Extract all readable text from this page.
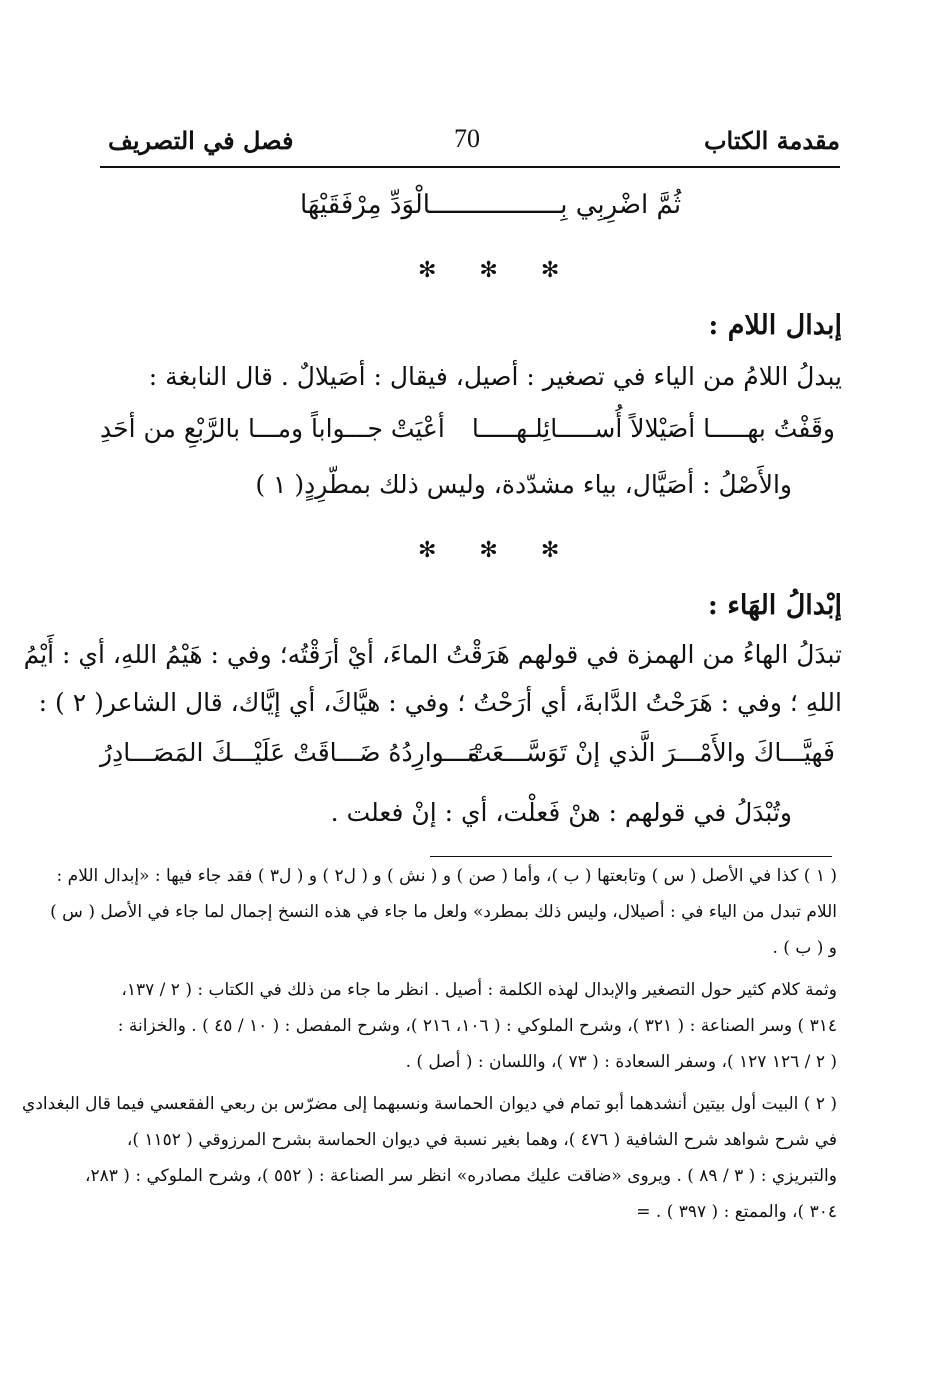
مقدمة الكتاب
70
فصل في التصريف
ثُمَّ اضْرِبِي بِـــــــــــــــــالْوَدِّ مِرْفَقَيْهَا
✻ ✻ ✻
إبدال اللام :
يبدلُ اللامُ من الياء في تصغير : أصيل، فيقال : أصَيلالٌ . قال النابغة :
وقَفْتُ بهـــــا أصَيْلالاً أُســـــائِلـهـــــا
أعْيَتْ جـــواباً ومـــا بالرَّبْعِ من أحَدِ
والأَصْلُ : أصَيَّال، بياء مشدّدة، وليس ذلك بمطّرِدٍ( ١ )
✻ ✻ ✻
إبْدالُ الهَاء :
تبدَلُ الهاءُ من الهمزة في قولهم هَرَقْتُ الماءَ، أيْ أرَقْتُه؛ وفي : هَيْمُ اللهِ، أي : أَيْمُ
اللهِ ؛ وفي : هَرَحْتُ الدَّابةَ، أي أرَحْتُ ؛ وفي : هيَّاكَ، أي إيَّاك، قال الشاعر( ٢ ) :
فَهيَّـــاكَ والأَمْـــرَ الَّذي إنْ تَوَسَّـــعَتْ
مَـــوارِدُهُ ضَـــاقَتْ عَلَيْـــكَ المَصَـــادِرُ
وتُبْدَلُ في قولهم : هنْ فَعلْت، أي : إنْ فعلت .
( ١ ) كذا في الأصل ( س ) وتابعتها ( ب )، وأما ( صن ) و ( نش ) و ( ل٢ ) و ( ل٣ ) فقد جاء فيها : «إبدال اللام :
اللام تبدل من الياء في : أصيلال، وليس ذلك بمطرد» ولعل ما جاء في هذه النسخ إجمال لما جاء في الأصل ( س )
و ( ب ) .
وثمة كلام كثير حول التصغير والإبدال لهذه الكلمة : أصيل . انظر ما جاء من ذلك في الكتاب : ( ٢ / ١٣٧،
٣١٤ ) وسر الصناعة : ( ٣٢١ )، وشرح الملوكي : ( ١٠٦، ٢١٦ )، وشرح المفصل : ( ١٠ / ٤٥ ) . والخزانة :
( ٢ / ١٢٦ ١٢٧ )، وسفر السعادة : ( ٧٣ )، واللسان : ( أصل ) .
( ٢ ) البيت أول بيتين أنشدهما أبو تمام في ديوان الحماسة ونسبهما إلى مضرّس بن ربعي الفقعسي فيما قال البغدادي
في شرح شواهد شرح الشافية ( ٤٧٦ )، وهما بغير نسبة في ديوان الحماسة بشرح المرزوقي ( ١١٥٢ )،
والتبريزي : ( ٣ / ٨٩ ) . ويروى «ضاقت عليك مصادره» انظر سر الصناعة : ( ٥٥٢ )، وشرح الملوكي : ( ٢٨٣،
٣٠٤ )، والممتع : ( ٣٩٧ ) . =
